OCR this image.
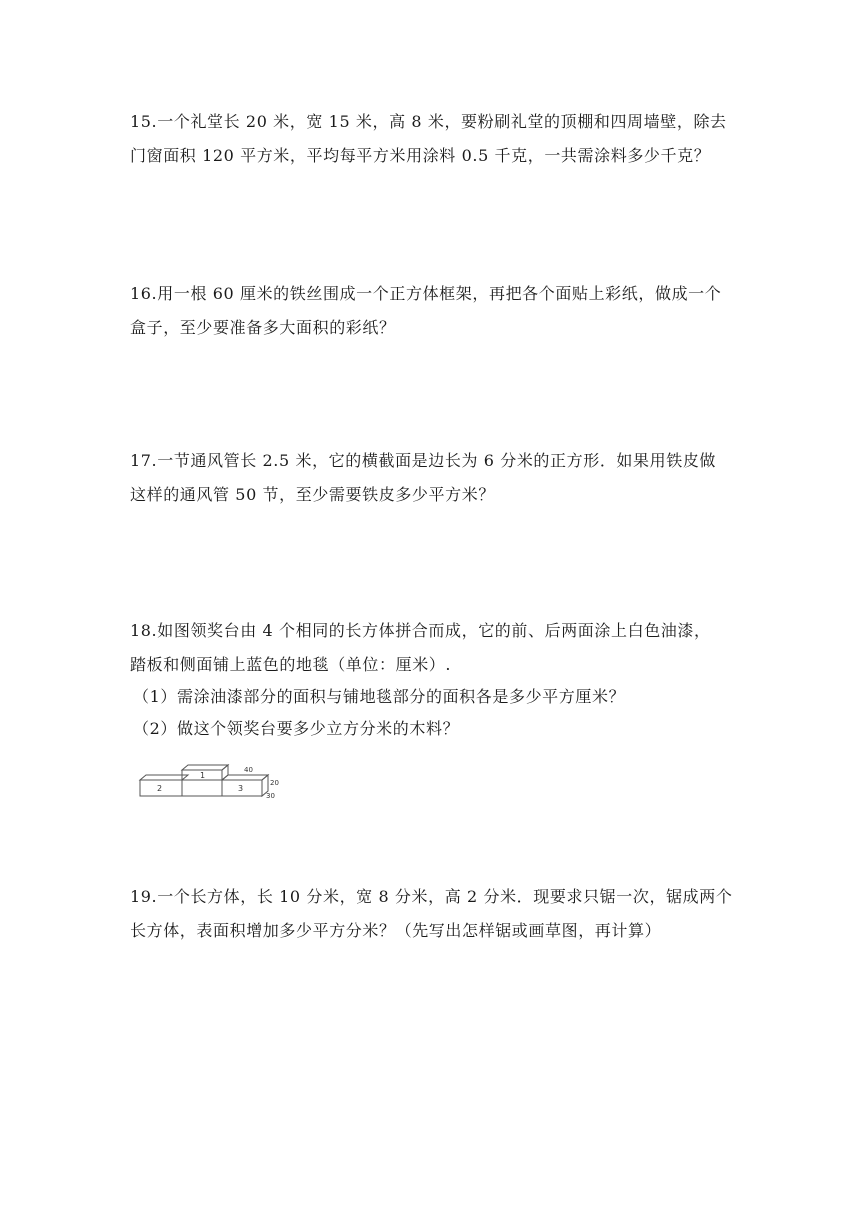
15.一个礼堂长 20 米，宽 15 米，高 8 米，要粉刷礼堂的顶棚和四周墙壁，除去

门窗面积 120 平方米，平均每平方米用涂料 0.5 千克，一共需涂料多少千克？

16.用一根 60 厘米的铁丝围成一个正方体框架，再把各个面贴上彩纸，做成一个

盒子，至少要准备多大面积的彩纸？

17.一节通风管长 2.5 米，它的横截面是边长为 6 分米的正方形．如果用铁皮做

这样的通风管 50 节，至少需要铁皮多少平方米？

18.如图领奖台由 4 个相同的长方体拼合而成，它的前、后两面涂上白色油漆，

踏板和侧面铺上蓝色的地毯（单位：厘米）.

（1）需涂油漆部分的面积与铺地毯部分的面积各是多少平方厘米？

（2）做这个领奖台要多少立方分米的木料？

1
2	3
40
20
30

19.一个长方体，长 10 分米，宽 8 分米，高 2 分米．现要求只锯一次，锯成两个

长方体，表面积增加多少平方分米？（先写出怎样锯或画草图，再计算）
